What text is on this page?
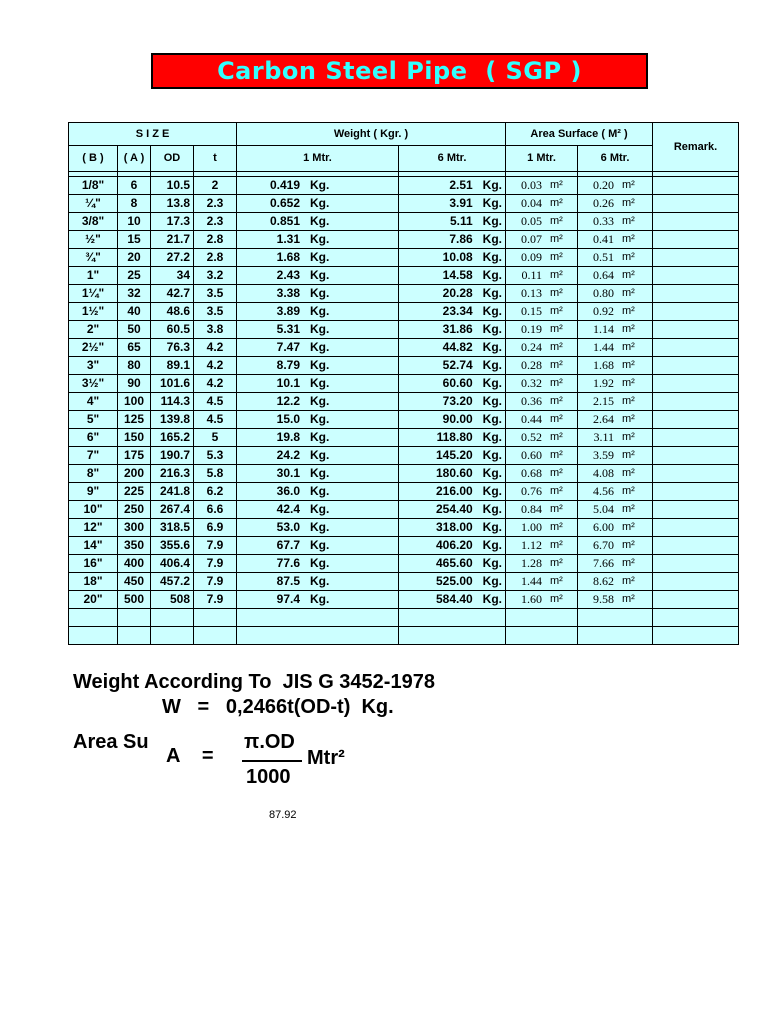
Carbon Steel Pipe  ( SGP )
S I Z E				Weight ( Kgr. )		Area Surface ( M² )		Remark.
( B )	( A )	OD	t	1 Mtr.	6 Mtr.	1 Mtr.	6 Mtr.	

1/8"	6	10.5	2	0.419 Kg.	2.51 Kg.	0.03 m²	0.20 m²	

¼"	8	13.8	2.3	0.652 Kg.	3.91 Kg.	0.04 m²	0.26 m²	

3/8"	10	17.3	2.3	0.851 Kg.	5.11 Kg.	0.05 m²	0.33 m²	

½"	15	21.7	2.8	1.31 Kg.	7.86 Kg.	0.07 m²	0.41 m²	

¾"	20	27.2	2.8	1.68 Kg.	10.08 Kg.	0.09 m²	0.51 m²	

1"	25	34	3.2	2.43 Kg.	14.58 Kg.	0.11 m²	0.64 m²	

1¼"	32	42.7	3.5	3.38 Kg.	20.28 Kg.	0.13 m²	0.80 m²	

1½"	40	48.6	3.5	3.89 Kg.	23.34 Kg.	0.15 m²	0.92 m²	

2"	50	60.5	3.8	5.31 Kg.	31.86 Kg.	0.19 m²	1.14 m²	

2½"	65	76.3	4.2	7.47 Kg.	44.82 Kg.	0.24 m²	1.44 m²	

3"	80	89.1	4.2	8.79 Kg.	52.74 Kg.	0.28 m²	1.68 m²	

3½"	90	101.6	4.2	10.1 Kg.	60.60 Kg.	0.32 m²	1.92 m²	

4"	100	114.3	4.5	12.2 Kg.	73.20 Kg.	0.36 m²	2.15 m²	

5"	125	139.8	4.5	15.0 Kg.	90.00 Kg.	0.44 m²	2.64 m²	

6"	150	165.2	5	19.8 Kg.	118.80 Kg.	0.52 m²	3.11 m²	

7"	175	190.7	5.3	24.2 Kg.	145.20 Kg.	0.60 m²	3.59 m²	

8"	200	216.3	5.8	30.1 Kg.	180.60 Kg.	0.68 m²	4.08 m²	

9"	225	241.8	6.2	36.0 Kg.	216.00 Kg.	0.76 m²	4.56 m²	

10"	250	267.4	6.6	42.4 Kg.	254.40 Kg.	0.84 m²	5.04 m²	

12"	300	318.5	6.9	53.0 Kg.	318.00 Kg.	1.00 m²	6.00 m²	

14"	350	355.6	7.9	67.7 Kg.	406.20 Kg.	1.12 m²	6.70 m²	

16"	400	406.4	7.9	77.6 Kg.	465.60 Kg.	1.28 m²	7.66 m²	

18"	450	457.2	7.9	87.5 Kg.	525.00 Kg.	1.44 m²	8.62 m²	

20"	500	508	7.9	97.4 Kg.	584.40 Kg.	1.60 m²	9.58 m²	

Weight According To  JIS G 3452-1978
W   =   0,2466t(OD-t)  Kg.
Area Su	π.OD
A    =	Mtr²
1000
87.92
